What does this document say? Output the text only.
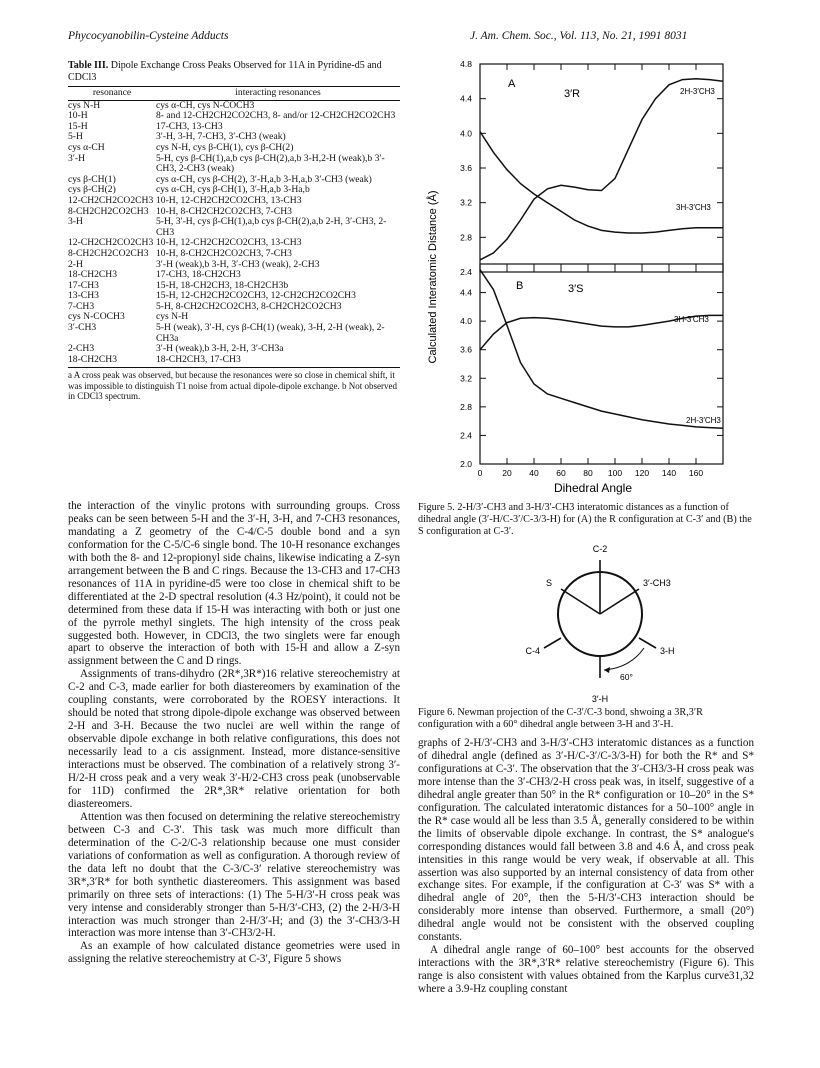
Phycocyanobilin-Cysteine Adducts	J. Am. Chem. Soc., Vol. 113, No. 21, 1991 8031
Table III. Dipole Exchange Cross Peaks Observed for 11A in Pyridine-d5 and CDCl3
resonance	interacting resonances
cys N-H	cys α-CH, cys N-COCH3
10-H	8- and 12-CH2CH2CO2CH3, 8- and/or 12-CH2CH2CO2CH3
15-H	17-CH3, 13-CH3
5-H	3′-H, 3-H, 7-CH3, 3′-CH3 (weak)
cys α-CH	cys N-H, cys β-CH(1), cys β-CH(2)
3′-H	5-H, cys β-CH(1),a,b cys β-CH(2),a,b 3-H,2-H (weak),b 3′-CH3, 2-CH3 (weak)
cys β-CH(1)	cys α-CH, cys β-CH(2), 3′-H,a,b 3-H,a,b 3′-CH3 (weak)
cys β-CH(2)	cys α-CH, cys β-CH(1), 3′-H,a,b 3-Ha,b
12-CH2CH2CO2CH3	10-H, 12-CH2CH2CO2CH3, 13-CH3
8-CH2CH2CO2CH3	10-H, 8-CH2CH2CO2CH3, 7-CH3
3-H	5-H, 3′-H, cys β-CH(1),a,b cys β-CH(2),a,b 2-H, 3′-CH3, 2-CH3
12-CH2CH2CO2CH3	10-H, 12-CH2CH2CO2CH3, 13-CH3
8-CH2CH2CO2CH3	10-H, 8-CH2CH2CO2CH3, 7-CH3
2-H	3′-H (weak),b 3-H, 3′-CH3 (weak), 2-CH3
18-CH2CH3	17-CH3, 18-CH2CH3
17-CH3	15-H, 18-CH2CH3, 18-CH2CH3b
13-CH3	15-H, 12-CH2CH2CO2CH3, 12-CH2CH2CO2CH3
7-CH3	5-H, 8-CH2CH2CO2CH3, 8-CH2CH2CO2CH3
cys N-COCH3	cys N-H
3′-CH3	5-H (weak), 3′-H, cys β-CH(1) (weak), 3-H, 2-H (weak), 2-CH3a
2-CH3	3′-H (weak),b 3-H, 2-H, 3′-CH3a
18-CH2CH3	18-CH2CH3, 17-CH3
a A cross peak was observed, but because the resonances were so close in chemical shift, it was impossible to distinguish T1 noise from actual dipole-dipole exchange. b Not observed in CDCl3 spectrum.

the interaction of the vinylic protons with surrounding groups. Cross peaks can be seen between 5-H and the 3′-H, 3-H, and 7-CH3 resonances, mandating a Z geometry of the C-4/C-5 double bond and a syn conformation for the C-5/C-6 single bond. The 10-H resonance exchanges with both the 8- and 12-propionyl side chains, likewise indicating a Z-syn arrangement between the B and C rings. Because the 13-CH3 and 17-CH3 resonances of 11A in pyridine-d5 were too close in chemical shift to be differentiated at the 2-D spectral resolution (4.3 Hz/point), it could not be determined from these data if 15-H was interacting with both or just one of the pyrrole methyl singlets. The high intensity of the cross peak suggested both. However, in CDCl3, the two singlets were far enough apart to observe the interaction of both with 15-H and allow a Z-syn assignment between the C and D rings.

Assignments of trans-dihydro (2R*,3R*)16 relative stereochemistry at C-2 and C-3, made earlier for both diastereomers by examination of the coupling constants, were corroborated by the ROESY interactions. It should be noted that strong dipole-dipole exchange was observed between 2-H and 3-H. Because the two nuclei are well within the range of observable dipole exchange in both relative configurations, this does not necessarily lead to a cis assignment. Instead, more distance-sensitive interactions must be observed. The combination of a relatively strong 3′-H/2-H cross peak and a very weak 3′-H/2-CH3 cross peak (unobservable for 11D) confirmed the 2R*,3R* relative orientation for both diastereomers.

Attention was then focused on determining the relative stereochemistry between C-3 and C-3′. This task was much more difficult than determination of the C-2/C-3 relationship because one must consider variations of conformation as well as configuration. A thorough review of the data left no doubt that the C-3/C-3′ relative stereochemistry was 3R*,3′R* for both synthetic diastereomers. This assignment was based primarily on three sets of interactions: (1) The 5-H/3′-H cross peak was very intense and considerably stronger than 5-H/3′-CH3, (2) the 2-H/3-H interaction was much stronger than 2-H/3′-H; and (3) the 3′-CH3/3-H interaction was more intense than 3′-CH3/2-H.

As an example of how calculated distance geometries were used in assigning the relative stereochemistry at C-3′, Figure 5 shows

Calculated Interatomic Distance (Å)
Dihedral Angle
4.8
4.4
4.0
3.6
3.2
2.8
2.4
A
3′R	2H-3′CH3
3H-3′CH3
4.4
4.0
3.6
3.2
2.8
2.4
2.0
0 20 40 60 80 100 120 140 160
B	3′S
3H-3′CH3
2H-3′CH3
Figure 5. 2-H/3′-CH3 and 3-H/3′-CH3 interatomic distances as a function of dihedral angle (3′-H/C-3′/C-3/3-H) for (A) the R configuration at C-3′ and (B) the S configuration at C-3′.
C-2
S	3′-CH3
C-4	3-H
60°
3′-H
Figure 6. Newman projection of the C-3′/C-3 bond, shwoing a 3R,3′R configuration with a 60° dihedral angle between 3-H and 3′-H.

graphs of 2-H/3′-CH3 and 3-H/3′-CH3 interatomic distances as a function of dihedral angle (defined as 3′-H/C-3′/C-3/3-H) for both the R* and S* configurations at C-3′. The observation that the 3′-CH3/3-H cross peak was more intense than the 3′-CH3/2-H cross peak was, in itself, suggestive of a dihedral angle greater than 50° in the R* configuration or 10–20° in the S* configuration. The calculated interatomic distances for a 50–100° angle in the R* case would all be less than 3.5 Å, generally considered to be within the limits of observable dipole exchange. In contrast, the S* analogue's corresponding distances would fall between 3.8 and 4.6 Å, and cross peak intensities in this range would be very weak, if observable at all. This assertion was also supported by an internal consistency of data from other exchange sites. For example, if the configuration at C-3′ was S* with a dihedral angle of 20°, then the 5-H/3′-CH3 interaction should be considerably more intense than observed. Furthermore, a small (20°) dihedral angle would not be consistent with the observed coupling constants.

A dihedral angle range of 60–100° best accounts for the observed interactions with the 3R*,3′R* relative stereochemistry (Figure 6). This range is also consistent with values obtained from the Karplus curve31,32 where a 3.9-Hz coupling constant
